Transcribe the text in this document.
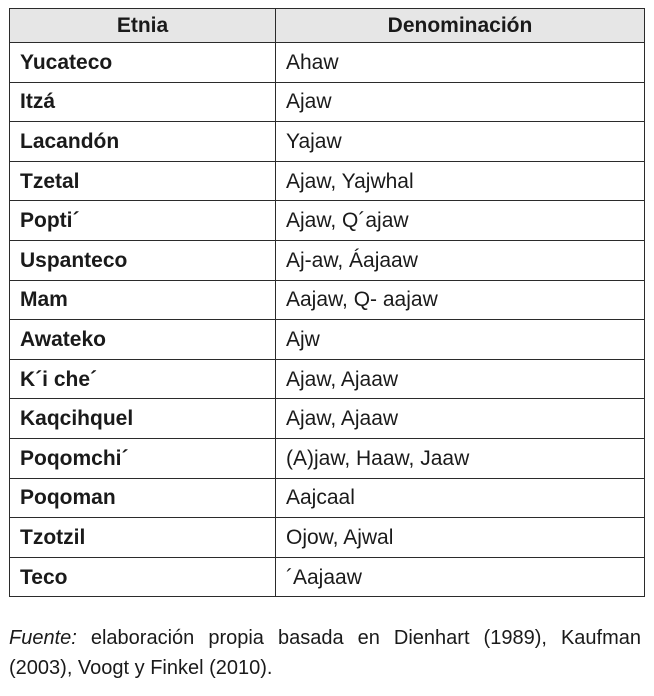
Etnia	Denominación
Yucateco	Ahaw
Itzá	Ajaw
Lacandón	Yajaw
Tzetal	Ajaw, Yajwhal
Popti´	Ajaw, Q´ajaw
Uspanteco	Aj-aw, Áajaaw
Mam	Aajaw, Q- aajaw
Awateko	Ajw
K´i che´	Ajaw, Ajaaw
Kaqcihquel	Ajaw, Ajaaw
Poqomchi´	(A)jaw, Haaw, Jaaw
Poqoman	Aajcaal
Tzotzil	Ojow, Ajwal
Teco	´Aajaaw

Fuente: elaboración propia basada en Dienhart (1989), Kaufman (2003), Voogt y Finkel (2010).
